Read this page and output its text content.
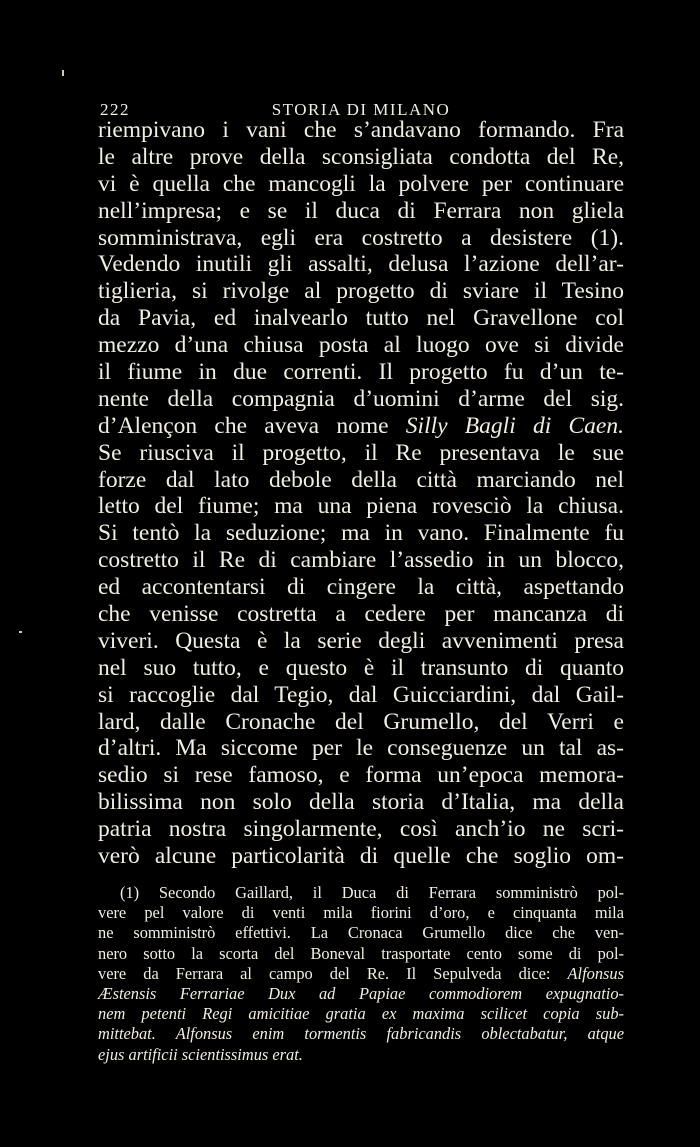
222	STORIA DI MILANO
riempivano i vani che s’andavano formando. Fra
le altre prove della sconsigliata condotta del Re,
vi è quella che mancogli la polvere per continuare
nell’impresa; e se il duca di Ferrara non gliela
somministrava, egli era costretto a desistere (1).
Vedendo inutili gli assalti, delusa l’azione dell’ar-
tiglieria, si rivolge al progetto di sviare il Tesino
da Pavia, ed inalvearlo tutto nel Gravellone col
mezzo d’una chiusa posta al luogo ove si divide
il fiume in due correnti. Il progetto fu d’un te-
nente della compagnia d’uomini d’arme del sig.
d’Alençon che aveva nome Silly Bagli di Caen.
Se riusciva il progetto, il Re presentava le sue
forze dal lato debole della città marciando nel
letto del fiume; ma una piena rovesciò la chiusa.
Si tentò la seduzione; ma in vano. Finalmente fu
costretto il Re di cambiare l’assedio in un blocco,
ed accontentarsi di cingere la città, aspettando
che venisse costretta a cedere per mancanza di
viveri. Questa è la serie degli avvenimenti presa
nel suo tutto, e questo è il transunto di quanto
si raccoglie dal Tegio, dal Guicciardini, dal Gail-
lard, dalle Cronache del Grumello, del Verri e
d’altri. Ma siccome per le conseguenze un tal as-
sedio si rese famoso, e forma un’epoca memora-
bilissima non solo della storia d’Italia, ma della
patria nostra singolarmente, così anch’io ne scri-
verò alcune particolarità di quelle che soglio om-
(1) Secondo Gaillard, il Duca di Ferrara somministrò pol-
vere pel valore di venti mila fiorini d’oro, e cinquanta mila
ne somministrò effettivi. La Cronaca Grumello dice che ven-
nero sotto la scorta del Boneval trasportate cento some di pol-
vere da Ferrara al campo del Re. Il Sepulveda dice: Alfonsus
Æstensis Ferrariae Dux ad Papiae commodiorem expugnatio-
nem petenti Regi amicitiae gratia ex maxima scilicet copia sub-
mittebat. Alfonsus enim tormentis fabricandis oblectabatur, atque
ejus artificii scientissimus erat.
